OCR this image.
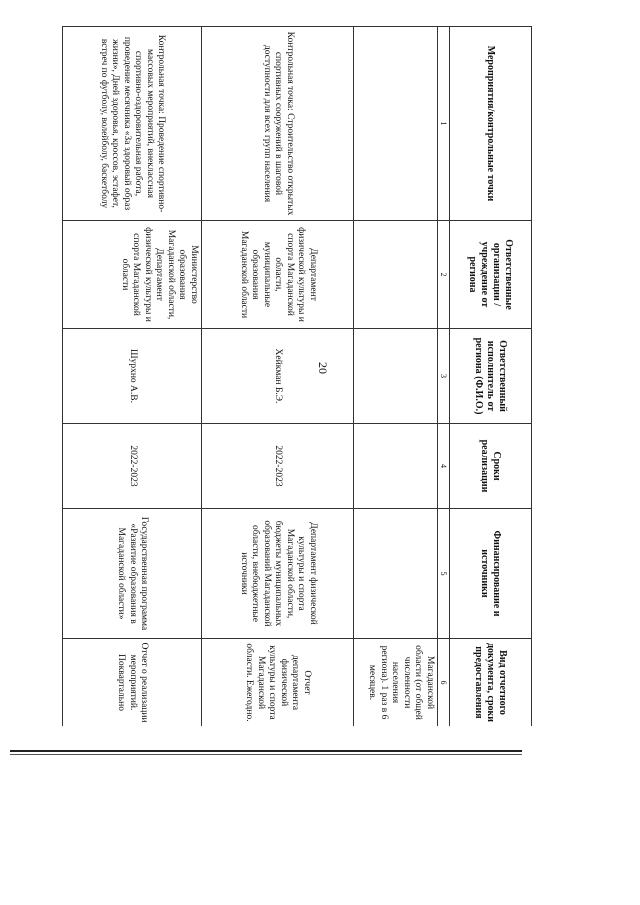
20
Мероприятия/контрольные точки	Ответственные организации / учреждение от региона	Ответственный исполнитель от региона (Ф.И.О.)	Сроки реализации	Финансирование и источники	Вид отчетного документа, сроки предоставления
1	2	3	4	5	6
					Магаданской области (от общей численности населения региона). 1 раз в 6 месяцев.
Контрольная точка: Строительство открытых спортивных сооружений в шаговой доступности для всех групп населения	Департамент физической культуры и спорта Магаданской области, муниципальные образования Магаданской области	Хейкман Б.Э.	2022-2023	Департамент физической культуры и спорта Магаданской области, бюджеты муниципальных образований Магаданской области, внебюджетные источники	Отчет департамента физической культуры и спорта Магаданской области. Ежегодно.
Контрольная точка: Проведение спортивно-массовых мероприятий, внеклассная спортивно-оздоровительная работа, проведение месячника «За здоровый образ жизни», Дней здоровья, кроссов, эстафет, встреч по футболу, волейболу, баскетболу	Министерство образования Магаданской области, Департамент физической культуры и спорта Магаданской области	Шурхно А.В.	2022-2023	Государственная программа «Развитие образования в Магаданской области»	Отчет о реализации мероприятий. Поквартально
